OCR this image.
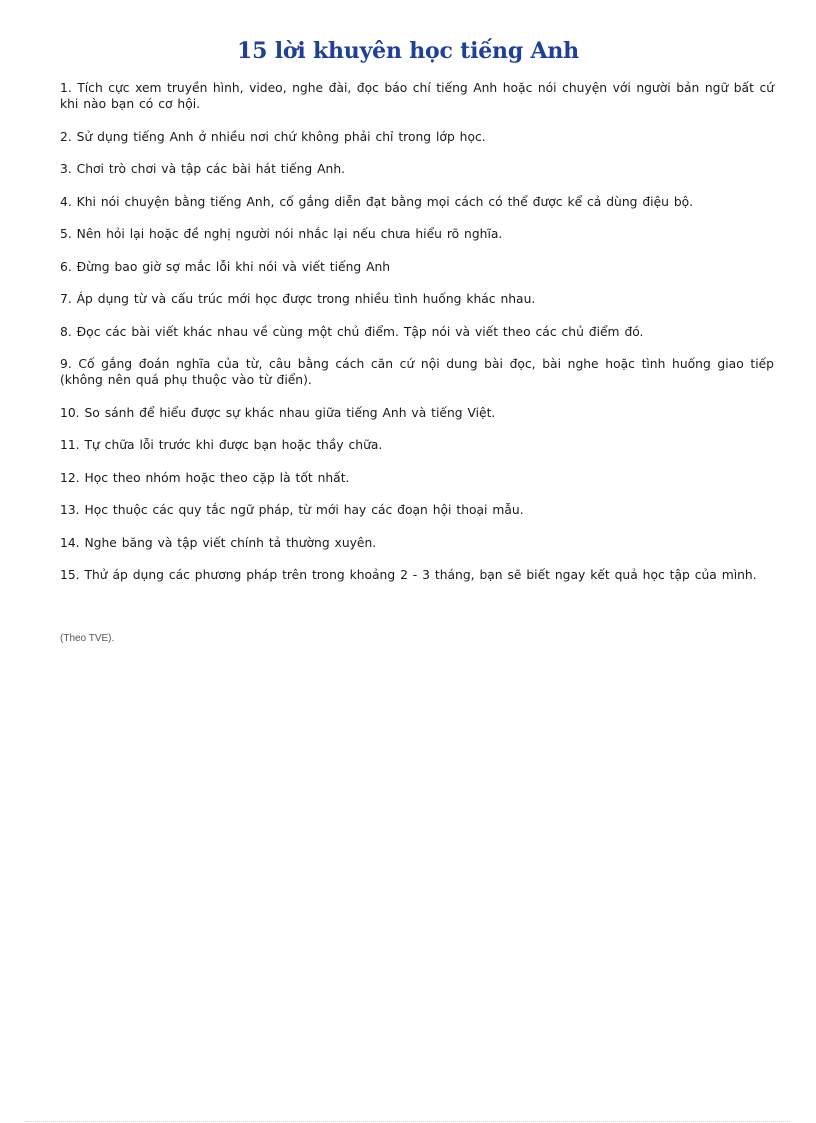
15 lời khuyên học tiếng Anh
1. Tích cực xem truyền hình, video, nghe đài, đọc báo chí tiếng Anh hoặc nói chuyện với người bản ngữ bất cứ khi nào bạn có cơ hội.
2. Sử dụng tiếng Anh ở nhiều nơi chứ không phải chỉ trong lớp học.
3. Chơi trò chơi và tập các bài hát tiếng Anh.
4. Khi nói chuyện bằng tiếng Anh, cố gắng diễn đạt bằng mọi cách có thể được kể cả dùng điệu bộ.
5. Nên hỏi lại hoặc đề nghị người nói nhắc lại nếu chưa hiểu rõ nghĩa.
6. Đừng bao giờ sợ mắc lỗi khi nói và viết tiếng Anh
7. Áp dụng từ và cấu trúc mới học được trong nhiều tình huống khác nhau.
8. Đọc các bài viết khác nhau về cùng một chủ điểm. Tập nói và viết theo các chủ điểm đó.
9. Cố gắng đoán nghĩa của từ, câu bằng cách căn cứ nội dung bài đọc, bài nghe hoặc tình huống giao tiếp (không nên quá phụ thuộc vào từ điển).
10. So sánh để hiểu được sự khác nhau giữa tiếng Anh và tiếng Việt.
11. Tự chữa lỗi trước khi được bạn hoặc thầy chữa.
12. Học theo nhóm hoặc theo cặp là tốt nhất.
13. Học thuộc các quy tắc ngữ pháp, từ mới hay các đoạn hội thoại mẫu.
14. Nghe băng và tập viết chính tả thường xuyên.
15. Thử áp dụng các phương pháp trên trong khoảng 2 - 3 tháng, bạn sẽ biết ngay kết quả học tập của mình.

(Theo TVE).
